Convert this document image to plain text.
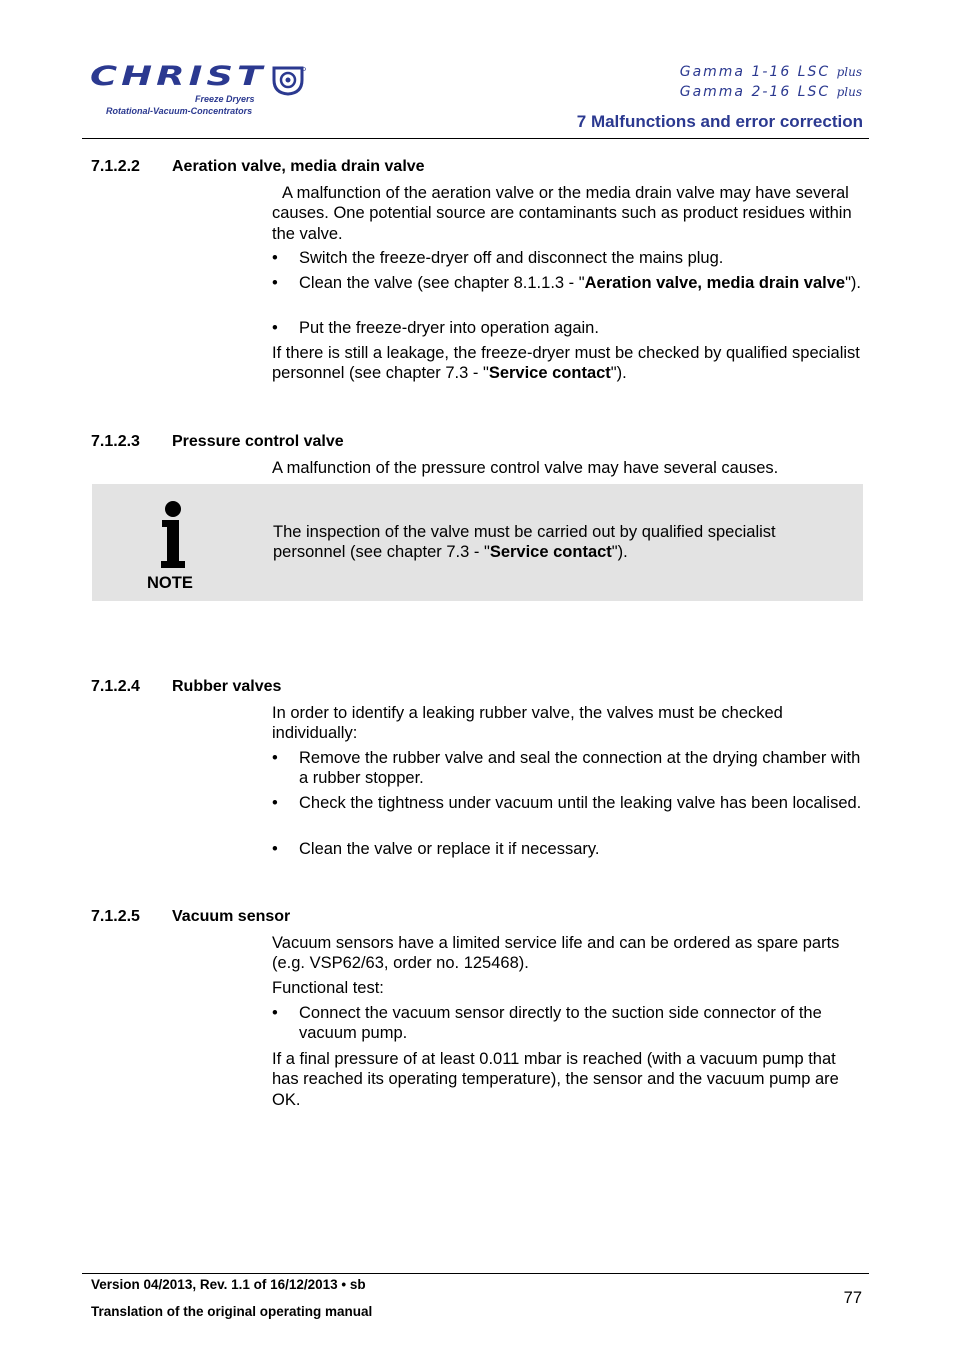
CHRIST
Freeze Dryers
Rotational-Vacuum-Concentrators
Gamma 1-16 LSC plus
Gamma 2-16 LSC plus
7 Malfunctions and error correction
7.1.2.2 Aeration valve, media drain valve
A malfunction of the aeration valve or the media drain valve may have several causes. One potential source are contaminants such as product residues within the valve.
• Switch the freeze-dryer off and disconnect the mains plug.
• Clean the valve (see chapter 8.1.1.3 - "Aeration valve, media drain valve").
• Put the freeze-dryer into operation again.
If there is still a leakage, the freeze-dryer must be checked by qualified specialist personnel (see chapter 7.3 - "Service contact").
7.1.2.3 Pressure control valve
A malfunction of the pressure control valve may have several causes.
NOTE
The inspection of the valve must be carried out by qualified specialist personnel (see chapter 7.3 - "Service contact").
7.1.2.4 Rubber valves
In order to identify a leaking rubber valve, the valves must be checked individually:
• Remove the rubber valve and seal the connection at the drying chamber with a rubber stopper.
• Check the tightness under vacuum until the leaking valve has been localised.
• Clean the valve or replace it if necessary.
7.1.2.5 Vacuum sensor
Vacuum sensors have a limited service life and can be ordered as spare parts (e.g. VSP62/63, order no. 125468).
Functional test:
• Connect the vacuum sensor directly to the suction side connector of the vacuum pump.
If a final pressure of at least 0.011 mbar is reached (with a vacuum pump that has reached its operating temperature), the sensor and the vacuum pump are OK.
Version 04/2013, Rev. 1.1 of 16/12/2013 • sb
Translation of the original operating manual
77
